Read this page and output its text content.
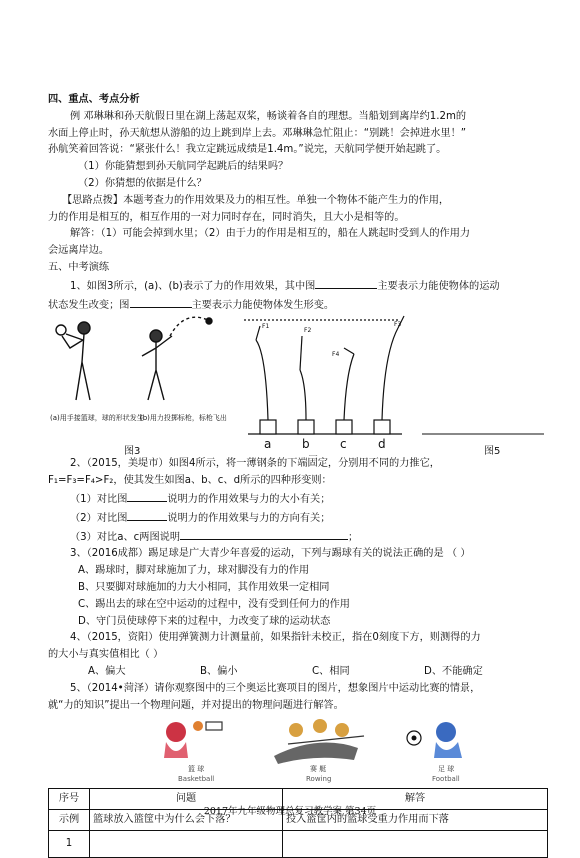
四、重点、考点分析
例 邓琳琳和孙天航假日里在湖上荡起双桨，畅谈着各自的理想。当船划到离岸约1.2m的
水面上停止时，孙天航想从游船的边上跳到岸上去。邓琳琳急忙阻止：“别跳！会掉进水里！”
孙航笑着回答说：“紧张什么！我立定跳远成绩是1.4m。”说完，天航同学便开始起跳了。
（1）你能猜想到孙天航同学起跳后的结果吗？
（2）你猜想的依据是什么？
【思路点拨】本题考查力的作用效果及力的相互性。单独一个物体不能产生力的作用，
力的作用是相互的，相互作用的一对力同时存在，同时消失，且大小是相等的。
解答：（1）可能会掉到水里；（2）由于力的作用是相互的，船在人跳起时受到人的作用力
会远离岸边。
五、中考演练
1、如图3所示，(a)、(b)表示了力的作用效果，其中图	主要表示力能使物体的运动
状态发生改变；图	主要表示力能使物体发生形变。
(a)用手接篮球，球的形状发生
(b)用力投掷标枪，标枪飞出
图3
F1
F2
F4
F3
a	b	c	d
图5
2、（2015，美堤市）如图4所示，将一薄钢条的下端固定，分别用不同的力推它，
F₁=F₃=F₄>F₂，使其发生如图a、b、c、d所示的四种形变则：
（1）对比图	说明力的作用效果与力的大小有关；
（2）对比图	说明力的作用效果与力的方向有关；
（3）对比a、c两图说明	；
3、（2016成都）踢足球是广大青少年喜爱的运动，下列与踢球有关的说法正确的是 （ ）
A、踢球时，脚对球施加了力，球对脚没有力的作用
B、只要脚对球施加的力大小相同，其作用效果一定相同
C、踢出去的球在空中运动的过程中，没有受到任何力的作用
D、守门员使球停下来的过程中，力改变了球的运动状态
4、（2015，资阳）使用弹簧测力计测量前，如果指针未校正，指在0刻度下方，则测得的力
的大小与真实值相比（ ）
A、偏大	B、偏小	C、相同	D、不能确定
5、（2014•菏泽）请你观察图中的三个奥运比赛项目的图片，想象图片中运动比赛的情景，
就“力的知识”提出一个物理问题，并对提出的物理问题进行解答。
篮 球
Basketball
赛 艇
Rowing
足 球
Football
序号	问题	解答
示例	篮球放入篮筐中为什么会下落？	投入篮筐内的篮球受重力作用而下落
1		
2017年九年级物理总复习教学案 第34页
